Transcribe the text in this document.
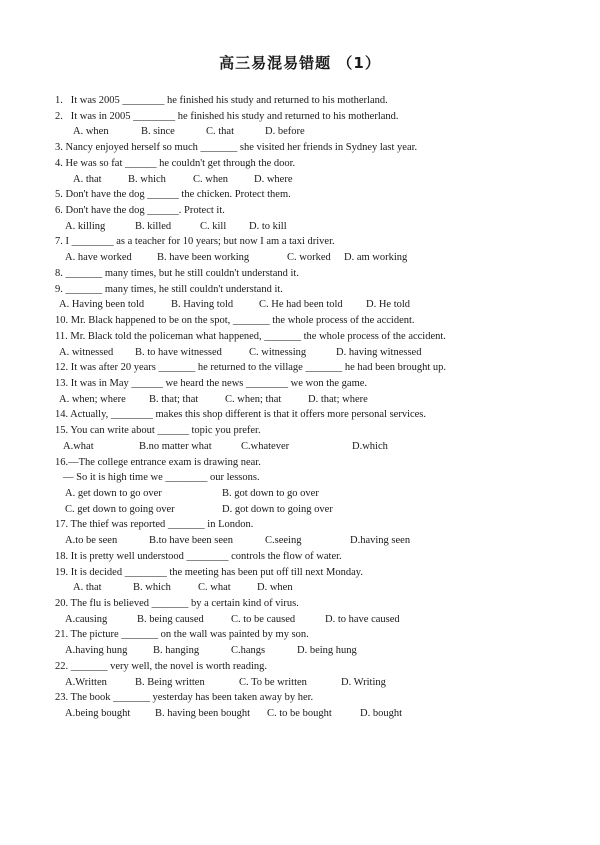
高三易混易错题 （1）
1.   It was 2005 ________ he finished his study and returned to his motherland.
2.   It was in 2005 ________ he finished his study and returned to his motherland.

A. when

	B. since

	C. that

	D. before

3. Nancy enjoyed herself so much _______ she visited her friends in Sydney last year.
4. He was so fat ______ he couldn't get through the door.

A. that

	B. which

	C. when

D. where

5. Don't have the dog ______ the chicken. Protect them.
6. Don't have the dog ______. Protect it.

A. killing

	B. killed

	C. kill

D. to kill

7. I ________ as a teacher for 10 years; but now I am a taxi driver.

A. have worked

B. have been working

	C. worked

D. am working

8. _______ many times, but he still couldn't understand it.
9. _______ many times, he still couldn't understand it.

A. Having been told

	B. Having told

C. He had been told

D. He told

10. Mr. Black happened to be on the spot, _______ the whole process of the accident.
11. Mr. Black told the policeman what happened, _______ the whole process of the accident.

A. witnessed

B. to have witnessed

	C. witnessing

	D. having witnessed

12. It was after 20 years _______ he returned to the village _______ he had been brought up.
13. It was in May ______ we heard the news ________ we won the game.

A. when; where

B. that; that

	C. when; that

	D. that; where

14. Actually, ________ makes this shop different is that it offers more personal services.
15. You can write about ______ topic you prefer.

A.what

	B.no matter what

	C.whatever

	D.which

16.—The college entrance exam is drawing near.
— So it is high time we ________ our lessons.

A. get down to go over

	B. got down to go over

C. get down to going over

	D. got down to going over

17. The thief was reported _______ in London.

A.to be seen

	B.to have been seen

	C.seeing

	D.having seen

18. It is pretty well understood ________ controls the flow of water.
19. It is decided ________ the meeting has been put off till next Monday.

A. that

	B. which

	C. what

	D. when

20. The flu is believed _______ by a certain kind of virus.

A.causing

	B. being caused

	C. to be caused

	D. to have caused

21. The picture _______ on the wall was painted by my son.

A.having hung

B. hanging

	C.hangs

	D. being hung

22. _______ very well, the novel is worth reading.

A.Written

	B. Being written

	C. To be written

	D. Writing

23. The book _______ yesterday has been taken away by her.

A.being bought

B. having been bought

C. to be bought

	D. bought
